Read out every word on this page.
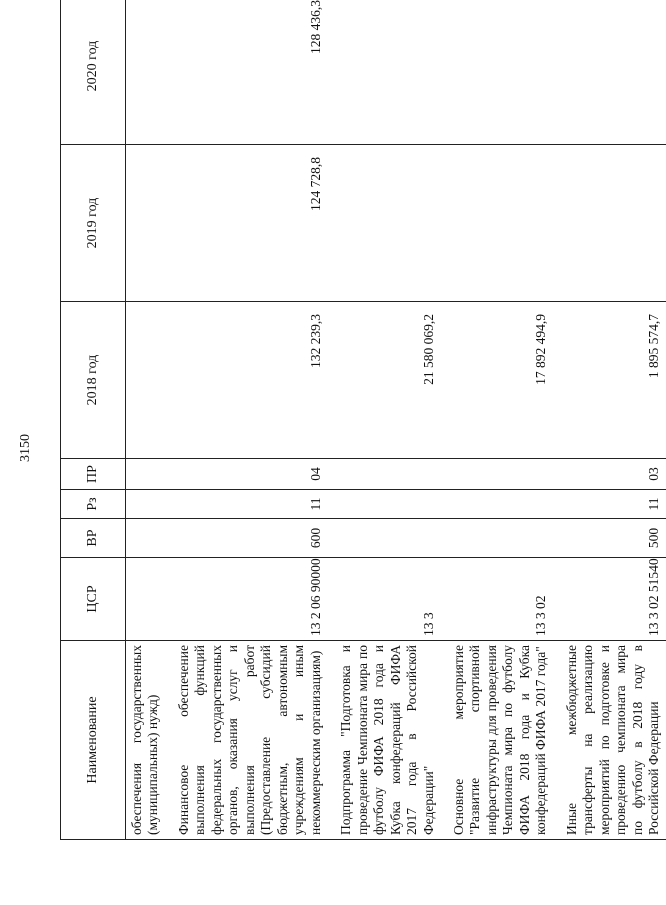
3150
Наименование	ЦСР	ВР	Рз	ПР	2018 год	2019 год	2020 год
обеспечения государственных (муниципальных) нужд)							

Финансовое обеспечение выполнения функций федеральных государственных органов, оказания услуг и выполнения работ (Предоставление субсидий бюджетным, автономным учреждениям и иным некоммерческим организациям)	13 2 06 90000	600	11	04	132 239,3	124 728,8	128 436,3

Подпрограмма "Подготовка и проведение Чемпионата мира по футболу ФИФА 2018 года и Кубка конфедераций ФИФА 2017 года в Российской Федерации"	13 3				21 580 069,2		

Основное мероприятие "Развитие спортивной инфраструктуры для проведения Чемпионата мира по футболу ФИФА 2018 года и Кубка конфедераций ФИФА 2017 года"	13 3 02				17 892 494,9		

Иные межбюджетные трансферты на реализацию мероприятий по подготовке и проведению чемпионата мира по футболу в 2018 году в Российской Федерации	13 3 02 51540	500	11	03	1 895 574,7		
